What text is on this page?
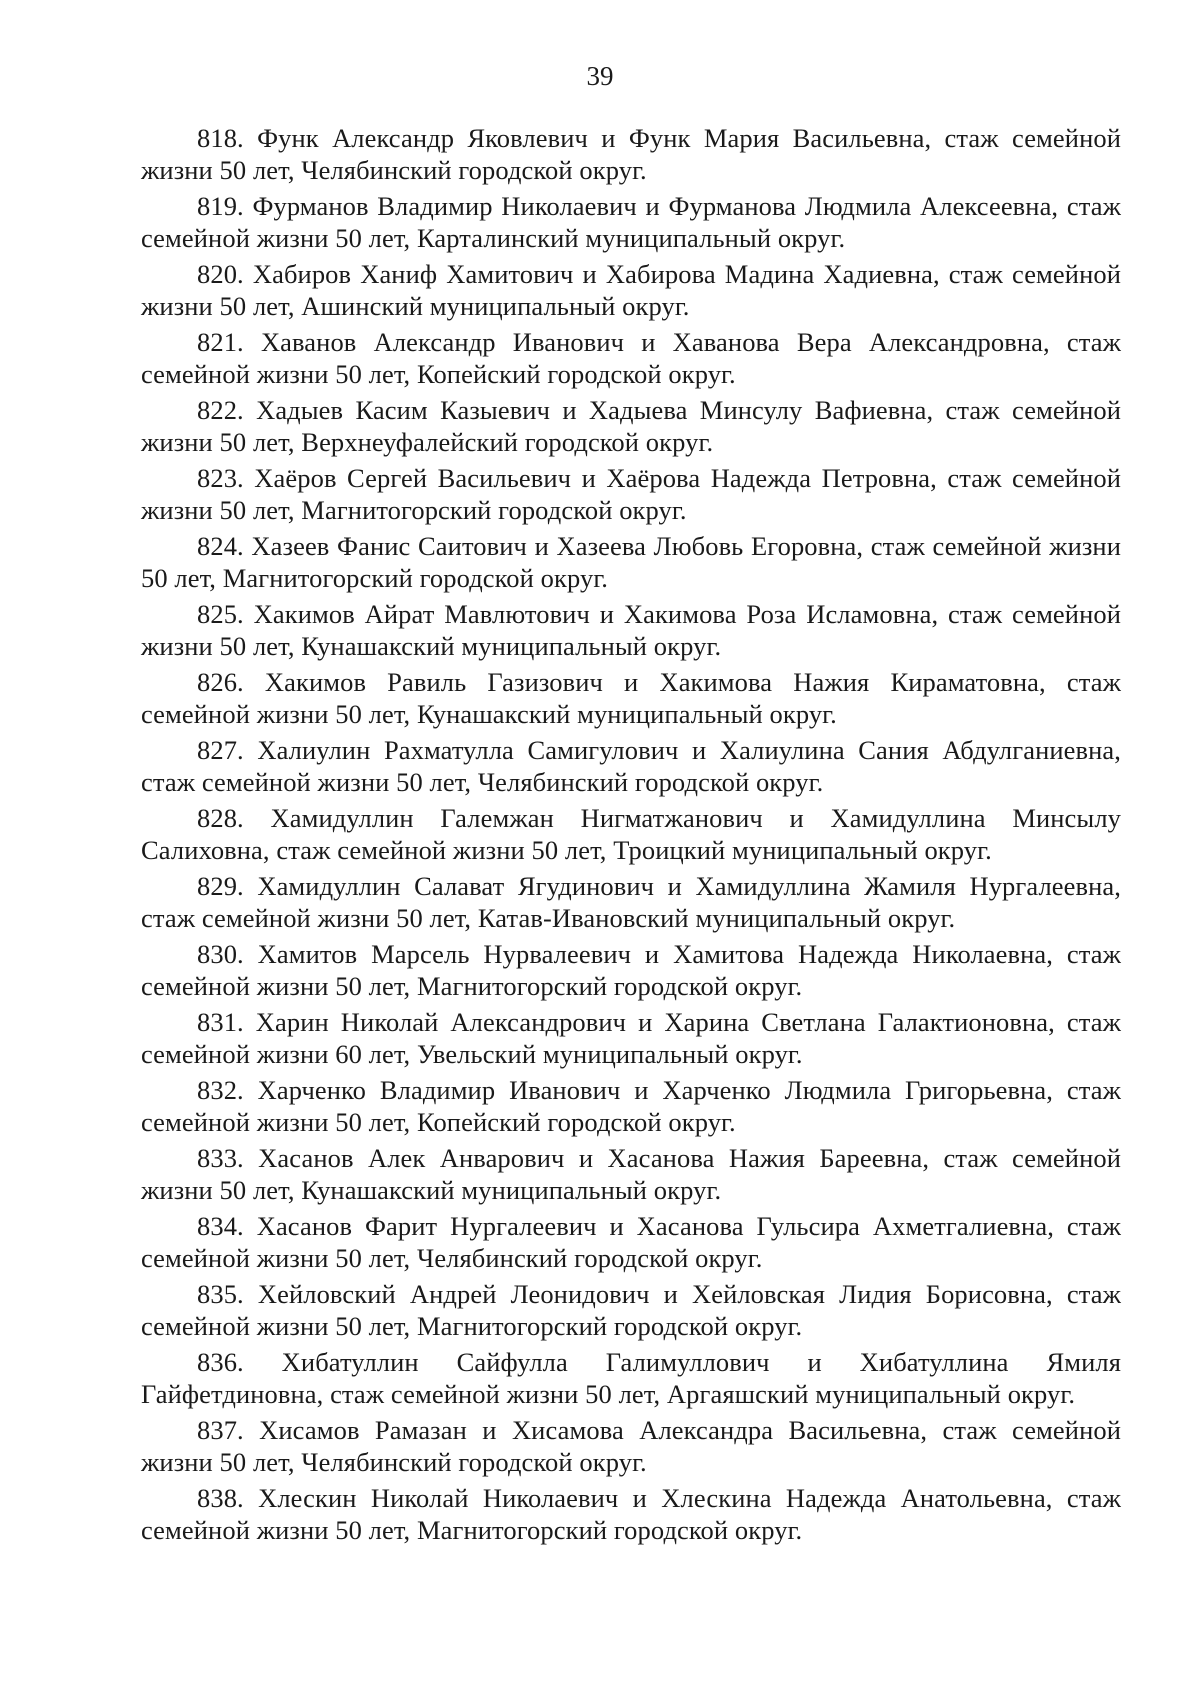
39

818. Функ Александр Яковлевич и Функ Мария Васильевна, стаж семейной жизни 50 лет, Челябинский городской округ.

819. Фурманов Владимир Николаевич и Фурманова Людмила Алексеевна, стаж семейной жизни 50 лет, Карталинский муниципальный округ.

820. Хабиров Ханиф Хамитович и Хабирова Мадина Хадиевна, стаж семейной жизни 50 лет, Ашинский муниципальный округ.

821. Хаванов Александр Иванович и Хаванова Вера Александровна, стаж семейной жизни 50 лет, Копейский городской округ.

822. Хадыев Касим Казыевич и Хадыева Минсулу Вафиевна, стаж семейной жизни 50 лет, Верхнеуфалейский городской округ.

823. Хаёров Сергей Васильевич и Хаёрова Надежда Петровна, стаж семейной жизни 50 лет, Магнитогорский городской округ.

824. Хазеев Фанис Саитович и Хазеева Любовь Егоровна, стаж семейной жизни 50 лет, Магнитогорский городской округ.

825. Хакимов Айрат Мавлютович и Хакимова Роза Исламовна, стаж семейной жизни 50 лет, Кунашакский муниципальный округ.

826. Хакимов Равиль Газизович и Хакимова Нажия Кираматовна, стаж семейной жизни 50 лет, Кунашакский муниципальный округ.

827. Халиулин Рахматулла Самигулович и Халиулина Сания Абдулганиевна, стаж семейной жизни 50 лет, Челябинский городской округ.

828. Хамидуллин Галемжан Нигматжанович и Хамидуллина Минсылу Салиховна, стаж семейной жизни 50 лет, Троицкий муниципальный округ.

829. Хамидуллин Салават Ягудинович и Хамидуллина Жамиля Нургалеевна, стаж семейной жизни 50 лет, Катав-Ивановский муниципальный округ.

830. Хамитов Марсель Нурвалеевич и Хамитова Надежда Николаевна, стаж семейной жизни 50 лет, Магнитогорский городской округ.

831. Харин Николай Александрович и Харина Светлана Галактионовна, стаж семейной жизни 60 лет, Увельский муниципальный округ.

832. Харченко Владимир Иванович и Харченко Людмила Григорьевна, стаж семейной жизни 50 лет, Копейский городской округ.

833. Хасанов Алек Анварович и Хасанова Нажия Бареевна, стаж семейной жизни 50 лет, Кунашакский муниципальный округ.

834. Хасанов Фарит Нургалеевич и Хасанова Гульсира Ахметгалиевна, стаж семейной жизни 50 лет, Челябинский городской округ.

835. Хейловский Андрей Леонидович и Хейловская Лидия Борисовна, стаж семейной жизни 50 лет, Магнитогорский городской округ.

836. Хибатуллин Сайфулла Галимуллович и Хибатуллина Ямиля Гайфетдиновна, стаж семейной жизни 50 лет, Аргаяшский муниципальный округ.

837. Хисамов Рамазан и Хисамова Александра Васильевна, стаж семейной жизни 50 лет, Челябинский городской округ.

838. Хлескин Николай Николаевич и Хлескина Надежда Анатольевна, стаж семейной жизни 50 лет, Магнитогорский городской округ.
